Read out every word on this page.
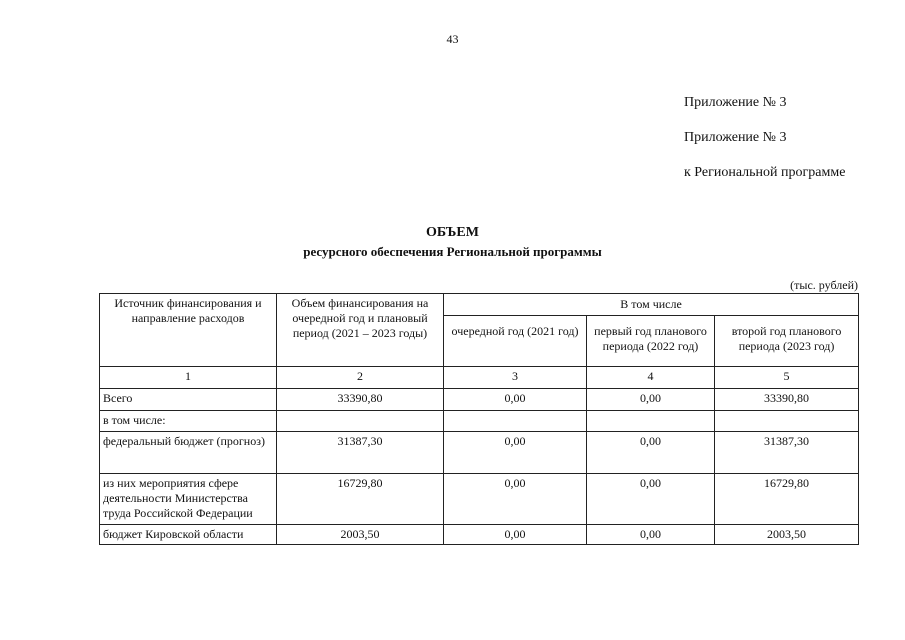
43
Приложение № 3
Приложение № 3
к Региональной программе
ОБЪЕМ
ресурсного обеспечения Региональной программы
(тыс. рублей)
Источник финансирования и направление расходов	Объем финансирования на очередной год и плановый период (2021 – 2023 годы)	В том числе		
		очередной год (2021 год)	первый год планового периода (2022 год)	второй год планового периода (2023 год)
1	2	3	4	5
Всего	33390,80	0,00	0,00	33390,80
в том числе:				
федеральный бюджет (прогноз)	31387,30	0,00	0,00	31387,30
из них мероприятия сфере деятельности Министерства труда Российской Федерации	16729,80	0,00	0,00	16729,80
бюджет Кировской области	2003,50	0,00	0,00	2003,50
